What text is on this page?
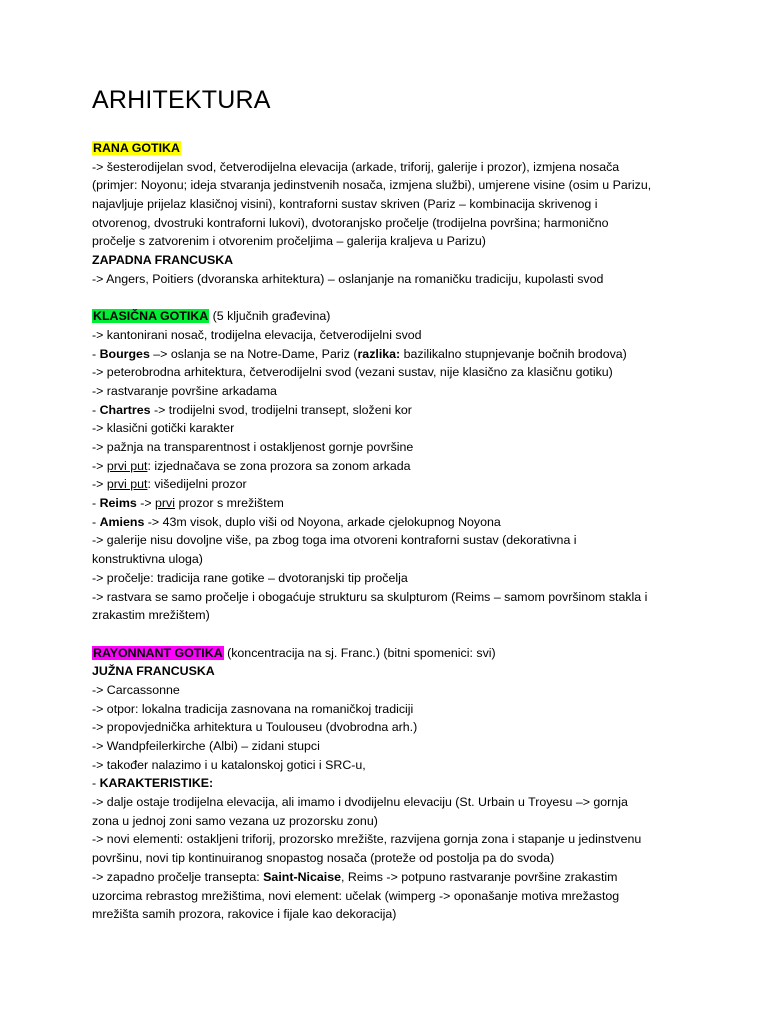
ARHITEKTURA
RANA GOTIKA
-> šesterodijelan svod, četverodijelna elevacija (arkade, triforij, galerije i prozor), izmjena nosača
(primjer: Noyonu; ideja stvaranja jedinstvenih nosača, izmjena službi), umjerene visine (osim u Parizu,
najavljuje prijelaz klasičnoj visini), kontraforni sustav skriven (Pariz – kombinacija skrivenog i
otvorenog, dvostruki kontraforni lukovi), dvotoranjsko pročelje (trodijelna površina; harmonično
pročelje s zatvorenim i otvorenim pročeljima – galerija kraljeva u Parizu)
ZAPADNA FRANCUSKA
-> Angers, Poitiers (dvoranska arhitektura) – oslanjanje na romaničku tradiciju, kupolasti svod
KLASIČNA GOTIKA (5 ključnih građevina)
-> kantonirani nosač, trodijelna elevacija, četverodijelni svod
- Bourges –> oslanja se na Notre-Dame, Pariz (razlika: bazilikalno stupnjevanje bočnih brodova)
-> peterobrodna arhitektura, četverodijelni svod (vezani sustav, nije klasično za klasičnu gotiku)
-> rastvaranje površine arkadama
- Chartres -> trodijelni svod, trodijelni transept, složeni kor
-> klasični gotički karakter
-> pažnja na transparentnost i ostakljenost gornje površine
-> prvi put: izjednačava se zona prozora sa zonom arkada
-> prvi put: višedijelni prozor
- Reims -> prvi prozor s mrežištem
- Amiens -> 43m visok, duplo viši od Noyona, arkade cjelokupnog Noyona
-> galerije nisu dovoljne više, pa zbog toga ima otvoreni kontraforni sustav (dekorativna i
konstruktivna uloga)
-> pročelje: tradicija rane gotike – dvotoranjski tip pročelja
-> rastvara se samo pročelje i obogaćuje strukturu sa skulpturom (Reims – samom površinom stakla i
zrakastim mrežištem)
RAYONNANT GOTIKA (koncentracija na sj. Franc.) (bitni spomenici: svi)
JUŽNA FRANCUSKA
-> Carcassonne
-> otpor: lokalna tradicija zasnovana na romaničkoj tradiciji
-> propovjednička arhitektura u Toulouseu (dvobrodna arh.)
-> Wandpfeilerkirche (Albi) – zidani stupci
-> također nalazimo i u katalonskoj gotici i SRC-u,
- KARAKTERISTIKE:
-> dalje ostaje trodijelna elevacija, ali imamo i dvodijelnu elevaciju (St. Urbain u Troyesu –> gornja
zona u jednoj zoni samo vezana uz prozorsku zonu)
-> novi elementi: ostakljeni triforij, prozorsko mrežište, razvijena gornja zona i stapanje u jedinstvenu
površinu, novi tip kontinuiranog snopastog nosača (proteže od postolja pa do svoda)
-> zapadno pročelje transepta: Saint-Nicaise, Reims -> potpuno rastvaranje površine zrakastim
uzorcima rebrastog mrežištima, novi element: učelak (wimperg -> oponašanje motiva mrežastog
mrežišta samih prozora, rakovice i fijale kao dekoracija)
